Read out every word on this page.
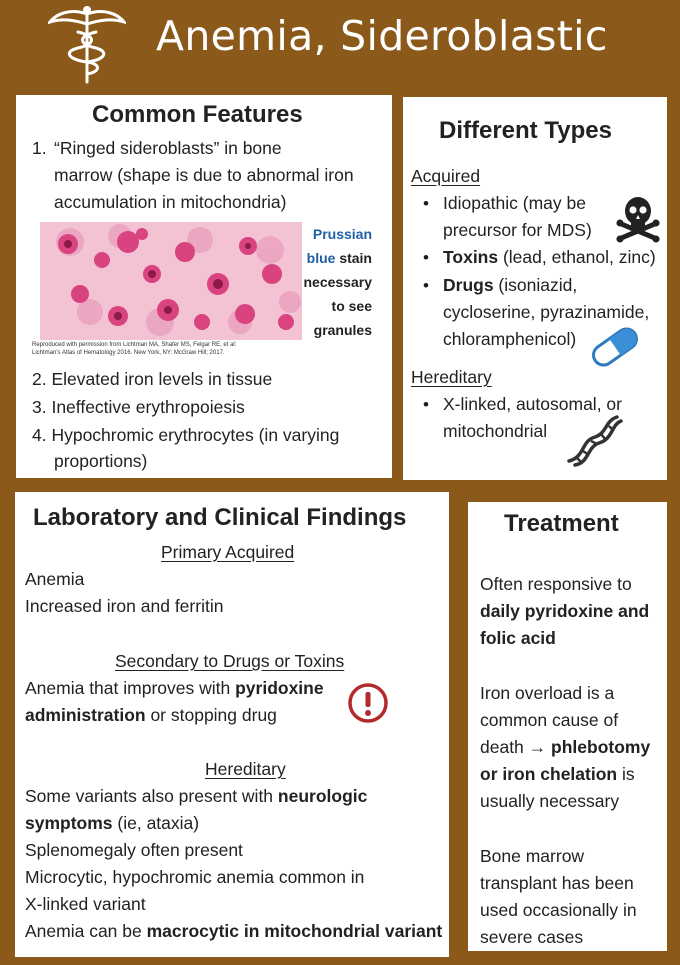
Anemia, Sideroblastic
Common Features
1. “Ringed sideroblasts” in bone
marrow (shape is due to abnormal iron
accumulation in mitochondria)
Prussian blue stain
necessary
to see
granules
Reproduced with permission from Lichtman MA, Shafer MS, Felgar RE, et al:
Lichtman's Atlas of Hematology 2016. New York, NY: McGraw Hill; 2017.
2. Elevated iron levels in tissue
3. Ineffective erythropoiesis
4. Hypochromic erythrocytes (in varying
proportions)
Different Types
Acquired
• Idiopathic (may be
precursor for MDS)
• Toxins (lead, ethanol, zinc)
• Drugs (isoniazid,
cycloserine, pyrazinamide,
chloramphenicol)
Hereditary
• X-linked, autosomal, or
mitochondrial
Laboratory and Clinical Findings
Primary Acquired
Anemia
Increased iron and ferritin
Secondary to Drugs or Toxins
Anemia that improves with pyridoxine
administration or stopping drug
Hereditary
Some variants also present with neurologic
symptoms (ie, ataxia)
Splenomegaly often present
Microcytic, hypochromic anemia common in
X-linked variant
Anemia can be macrocytic in mitochondrial variant
Treatment
Often responsive to
daily pyridoxine and
folic acid
Iron overload is a
common cause of
death → phlebotomy
or iron chelation is
usually necessary
Bone marrow
transplant has been
used occasionally in
severe cases
